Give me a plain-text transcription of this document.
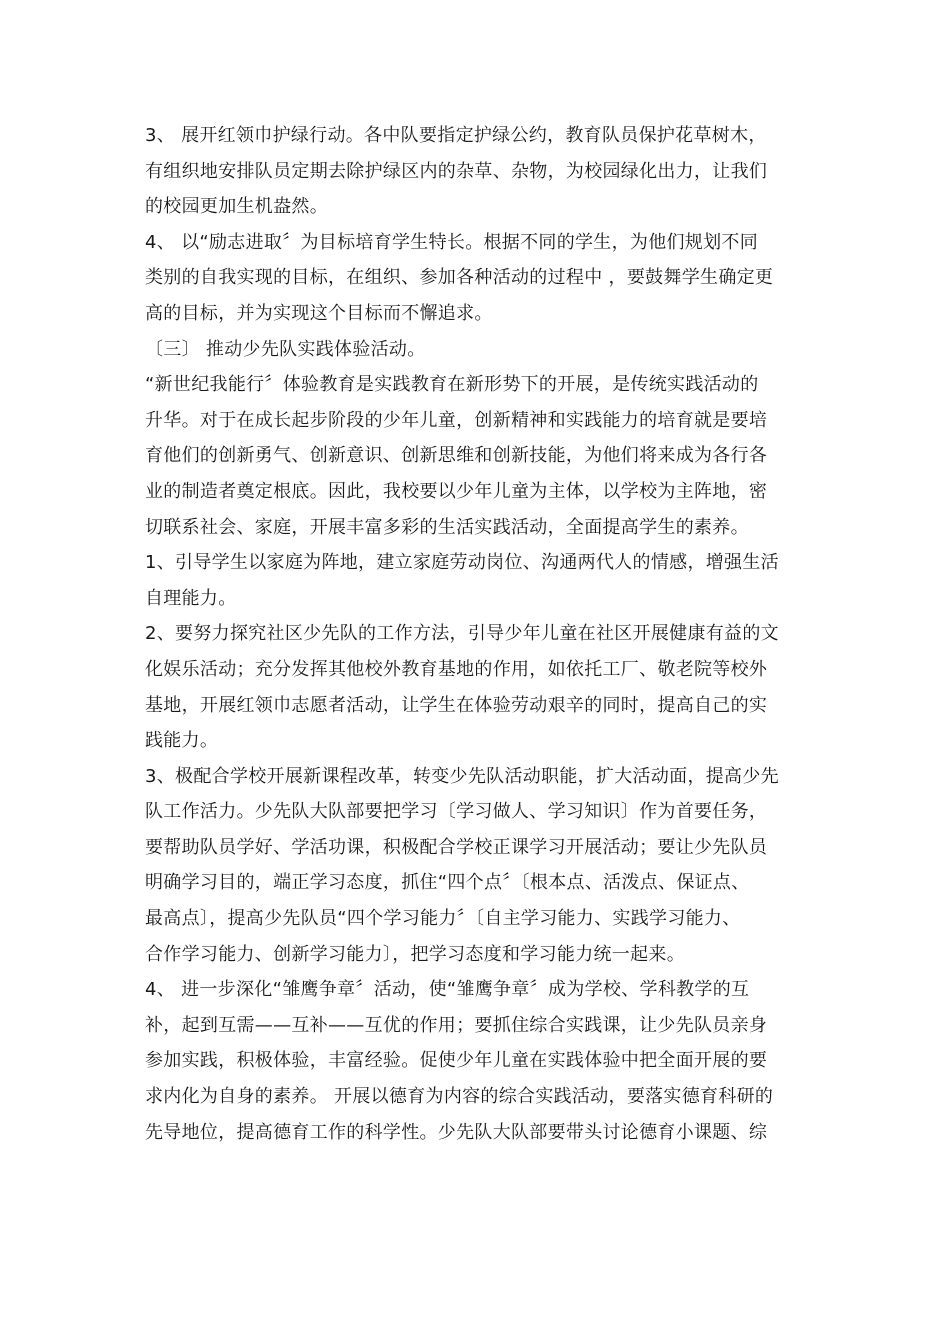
3、 展开红领巾护绿行动。各中队要指定护绿公约，教育队员保护花草树木，
有组织地安排队员定期去除护绿区内的杂草、杂物，为校园绿化出力，让我们
的校园更加生机盎然。
4、 以“励志进取〞为目标培育学生特长。根据不同的学生，为他们规划不同
类别的自我实现的目标，在组织、参加各种活动的过程中 ，要鼓舞学生确定更
高的目标，并为实现这个目标而不懈追求。
〔三〕 推动少先队实践体验活动。
“新世纪我能行〞体验教育是实践教育在新形势下的开展，是传统实践活动的
升华。对于在成长起步阶段的少年儿童，创新精神和实践能力的培育就是要培
育他们的创新勇气、创新意识、创新思维和创新技能，为他们将来成为各行各
业的制造者奠定根底。因此，我校要以少年儿童为主体，以学校为主阵地，密
切联系社会、家庭，开展丰富多彩的生活实践活动，全面提高学生的素养。
1、引导学生以家庭为阵地，建立家庭劳动岗位、沟通两代人的情感，增强生活
自理能力。
2、要努力探究社区少先队的工作方法，引导少年儿童在社区开展健康有益的文
化娱乐活动；充分发挥其他校外教育基地的作用，如依托工厂、敬老院等校外
基地，开展红领巾志愿者活动，让学生在体验劳动艰辛的同时，提高自己的实
践能力。
3、极配合学校开展新课程改革，转变少先队活动职能，扩大活动面，提高少先
队工作活力。少先队大队部要把学习〔学习做人、学习知识〕作为首要任务，
要帮助队员学好、学活功课，积极配合学校正课学习开展活动；要让少先队员
明确学习目的，端正学习态度，抓住“四个点〞〔根本点、活泼点、保证点、
最高点〕，提高少先队员“四个学习能力〞〔自主学习能力、实践学习能力、
合作学习能力、创新学习能力〕，把学习态度和学习能力统一起来。
4、 进一步深化“雏鹰争章〞活动，使“雏鹰争章〞成为学校、学科教学的互
补，起到互需——互补——互优的作用；要抓住综合实践课，让少先队员亲身
参加实践，积极体验，丰富经验。促使少年儿童在实践体验中把全面开展的要
求内化为自身的素养。 开展以德育为内容的综合实践活动，要落实德育科研的
先导地位，提高德育工作的科学性。少先队大队部要带头讨论德育小课题、综
